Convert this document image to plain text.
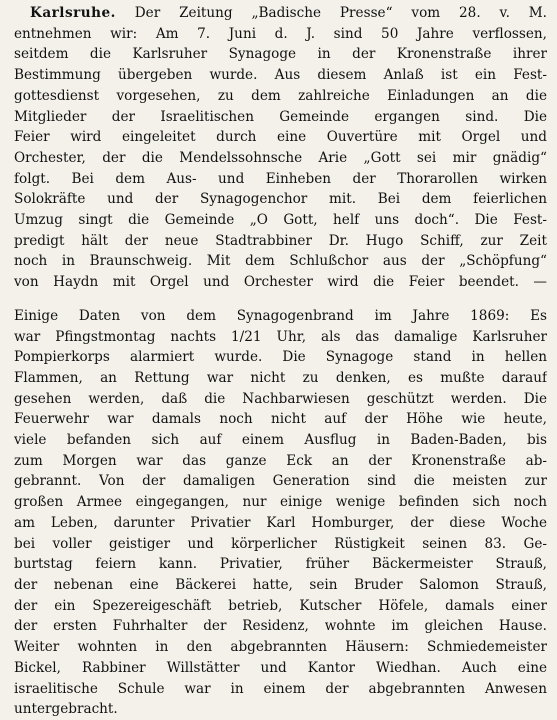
Karlsruhe. Der Zeitung „Badische Presse“ vom 28. v. M.
entnehmen wir: Am 7. Juni d. J. sind 50 Jahre verflossen,
seitdem die Karlsruher Synagoge in der Kronenstraße ihrer
Bestimmung übergeben wurde. Aus diesem Anlaß ist ein Fest-
gottesdienst vorgesehen, zu dem zahlreiche Einladungen an die
Mitglieder der Israelitischen Gemeinde ergangen sind. Die
Feier wird eingeleitet durch eine Ouvertüre mit Orgel und
Orchester, der die Mendelssohnsche Arie „Gott sei mir gnädig“
folgt. Bei dem Aus- und Einheben der Thorarollen wirken
Solokräfte und der Synagogenchor mit. Bei dem feierlichen
Umzug singt die Gemeinde „O Gott, helf uns doch“. Die Fest-
predigt hält der neue Stadtrabbiner Dr. Hugo Schiff, zur Zeit
noch in Braunschweig. Mit dem Schlußchor aus der „Schöpfung“
von Haydn mit Orgel und Orchester wird die Feier beendet. —
Einige Daten von dem Synagogenbrand im Jahre 1869: Es
war Pfingstmontag nachts 1/21 Uhr, als das damalige Karlsruher
Pompierkorps alarmiert wurde. Die Synagoge stand in hellen
Flammen, an Rettung war nicht zu denken, es mußte darauf
gesehen werden, daß die Nachbarwiesen geschützt werden. Die
Feuerwehr war damals noch nicht auf der Höhe wie heute,
viele befanden sich auf einem Ausflug in Baden-Baden, bis
zum Morgen war das ganze Eck an der Kronenstraße ab-
gebrannt. Von der damaligen Generation sind die meisten zur
großen Armee eingegangen, nur einige wenige befinden sich noch
am Leben, darunter Privatier Karl Homburger, der diese Woche
bei voller geistiger und körperlicher Rüstigkeit seinen 83. Ge-
burtstag feiern kann. Privatier, früher Bäckermeister Strauß,
der nebenan eine Bäckerei hatte, sein Bruder Salomon Strauß,
der ein Spezereigeschäft betrieb, Kutscher Höfele, damals einer
der ersten Fuhrhalter der Residenz, wohnte im gleichen Hause.
Weiter wohnten in den abgebrannten Häusern: Schmiedemeister
Bickel, Rabbiner Willstätter und Kantor Wiedhan. Auch eine
israelitische Schule war in einem der abgebrannten Anwesen
untergebracht.
